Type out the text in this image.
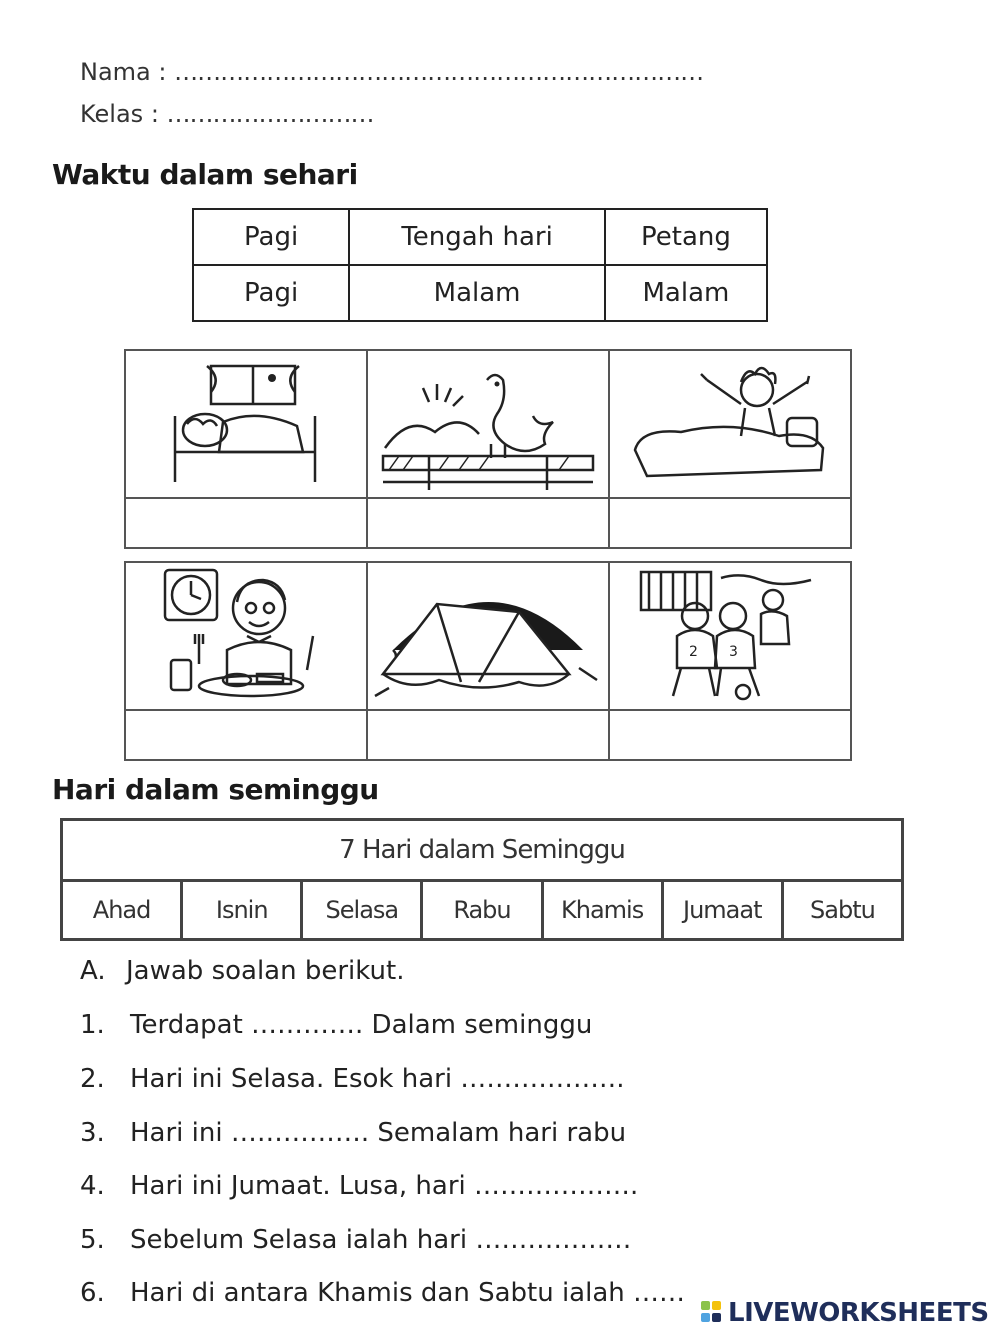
Nama : ……………………………………………………………
Kelas : ………………………
Waktu dalam sehari
Pagi	Tengah hari	Petang
Pagi	Malam	Malam

2 3

Hari dalam seminggu
7 Hari dalam Seminggu
Ahad	Isnin	Selasa	Rabu	Khamis	Jumaat	Sabtu
A. Jawab soalan berikut.
1. Terdapat …………. Dalam seminggu
2. Hari ini Selasa. Esok hari ……………….
3. Hari ini ……………. Semalam hari rabu
4. Hari ini Jumaat. Lusa, hari ……………….
5. Sebelum Selasa ialah hari ………………
6. Hari di antara Khamis dan Sabtu ialah ……
LIVEWORKSHEETS
